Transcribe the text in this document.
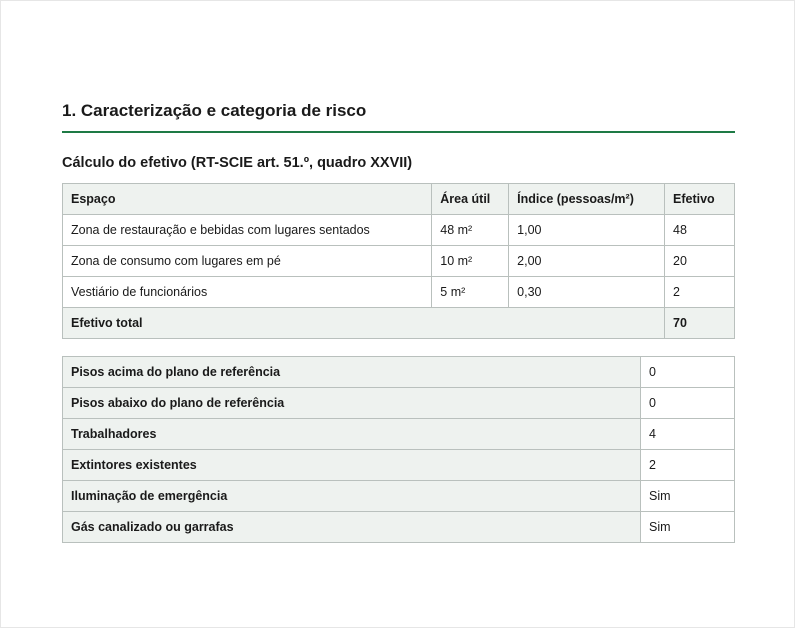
1. Caracterização e categoria de risco
Cálculo do efetivo (RT-SCIE art. 51.º, quadro XXVII)
Espaço	Área útil	Índice (pessoas/m²)	Efetivo
Zona de restauração e bebidas com lugares sentados	48 m²	1,00	48
Zona de consumo com lugares em pé	10 m²	2,00	20
Vestiário de funcionários	5 m²	0,30	2
Efetivo total			70
Pisos acima do plano de referência	0
Pisos abaixo do plano de referência	0
Trabalhadores	4
Extintores existentes	2
Iluminação de emergência	Sim
Gás canalizado ou garrafas	Sim
